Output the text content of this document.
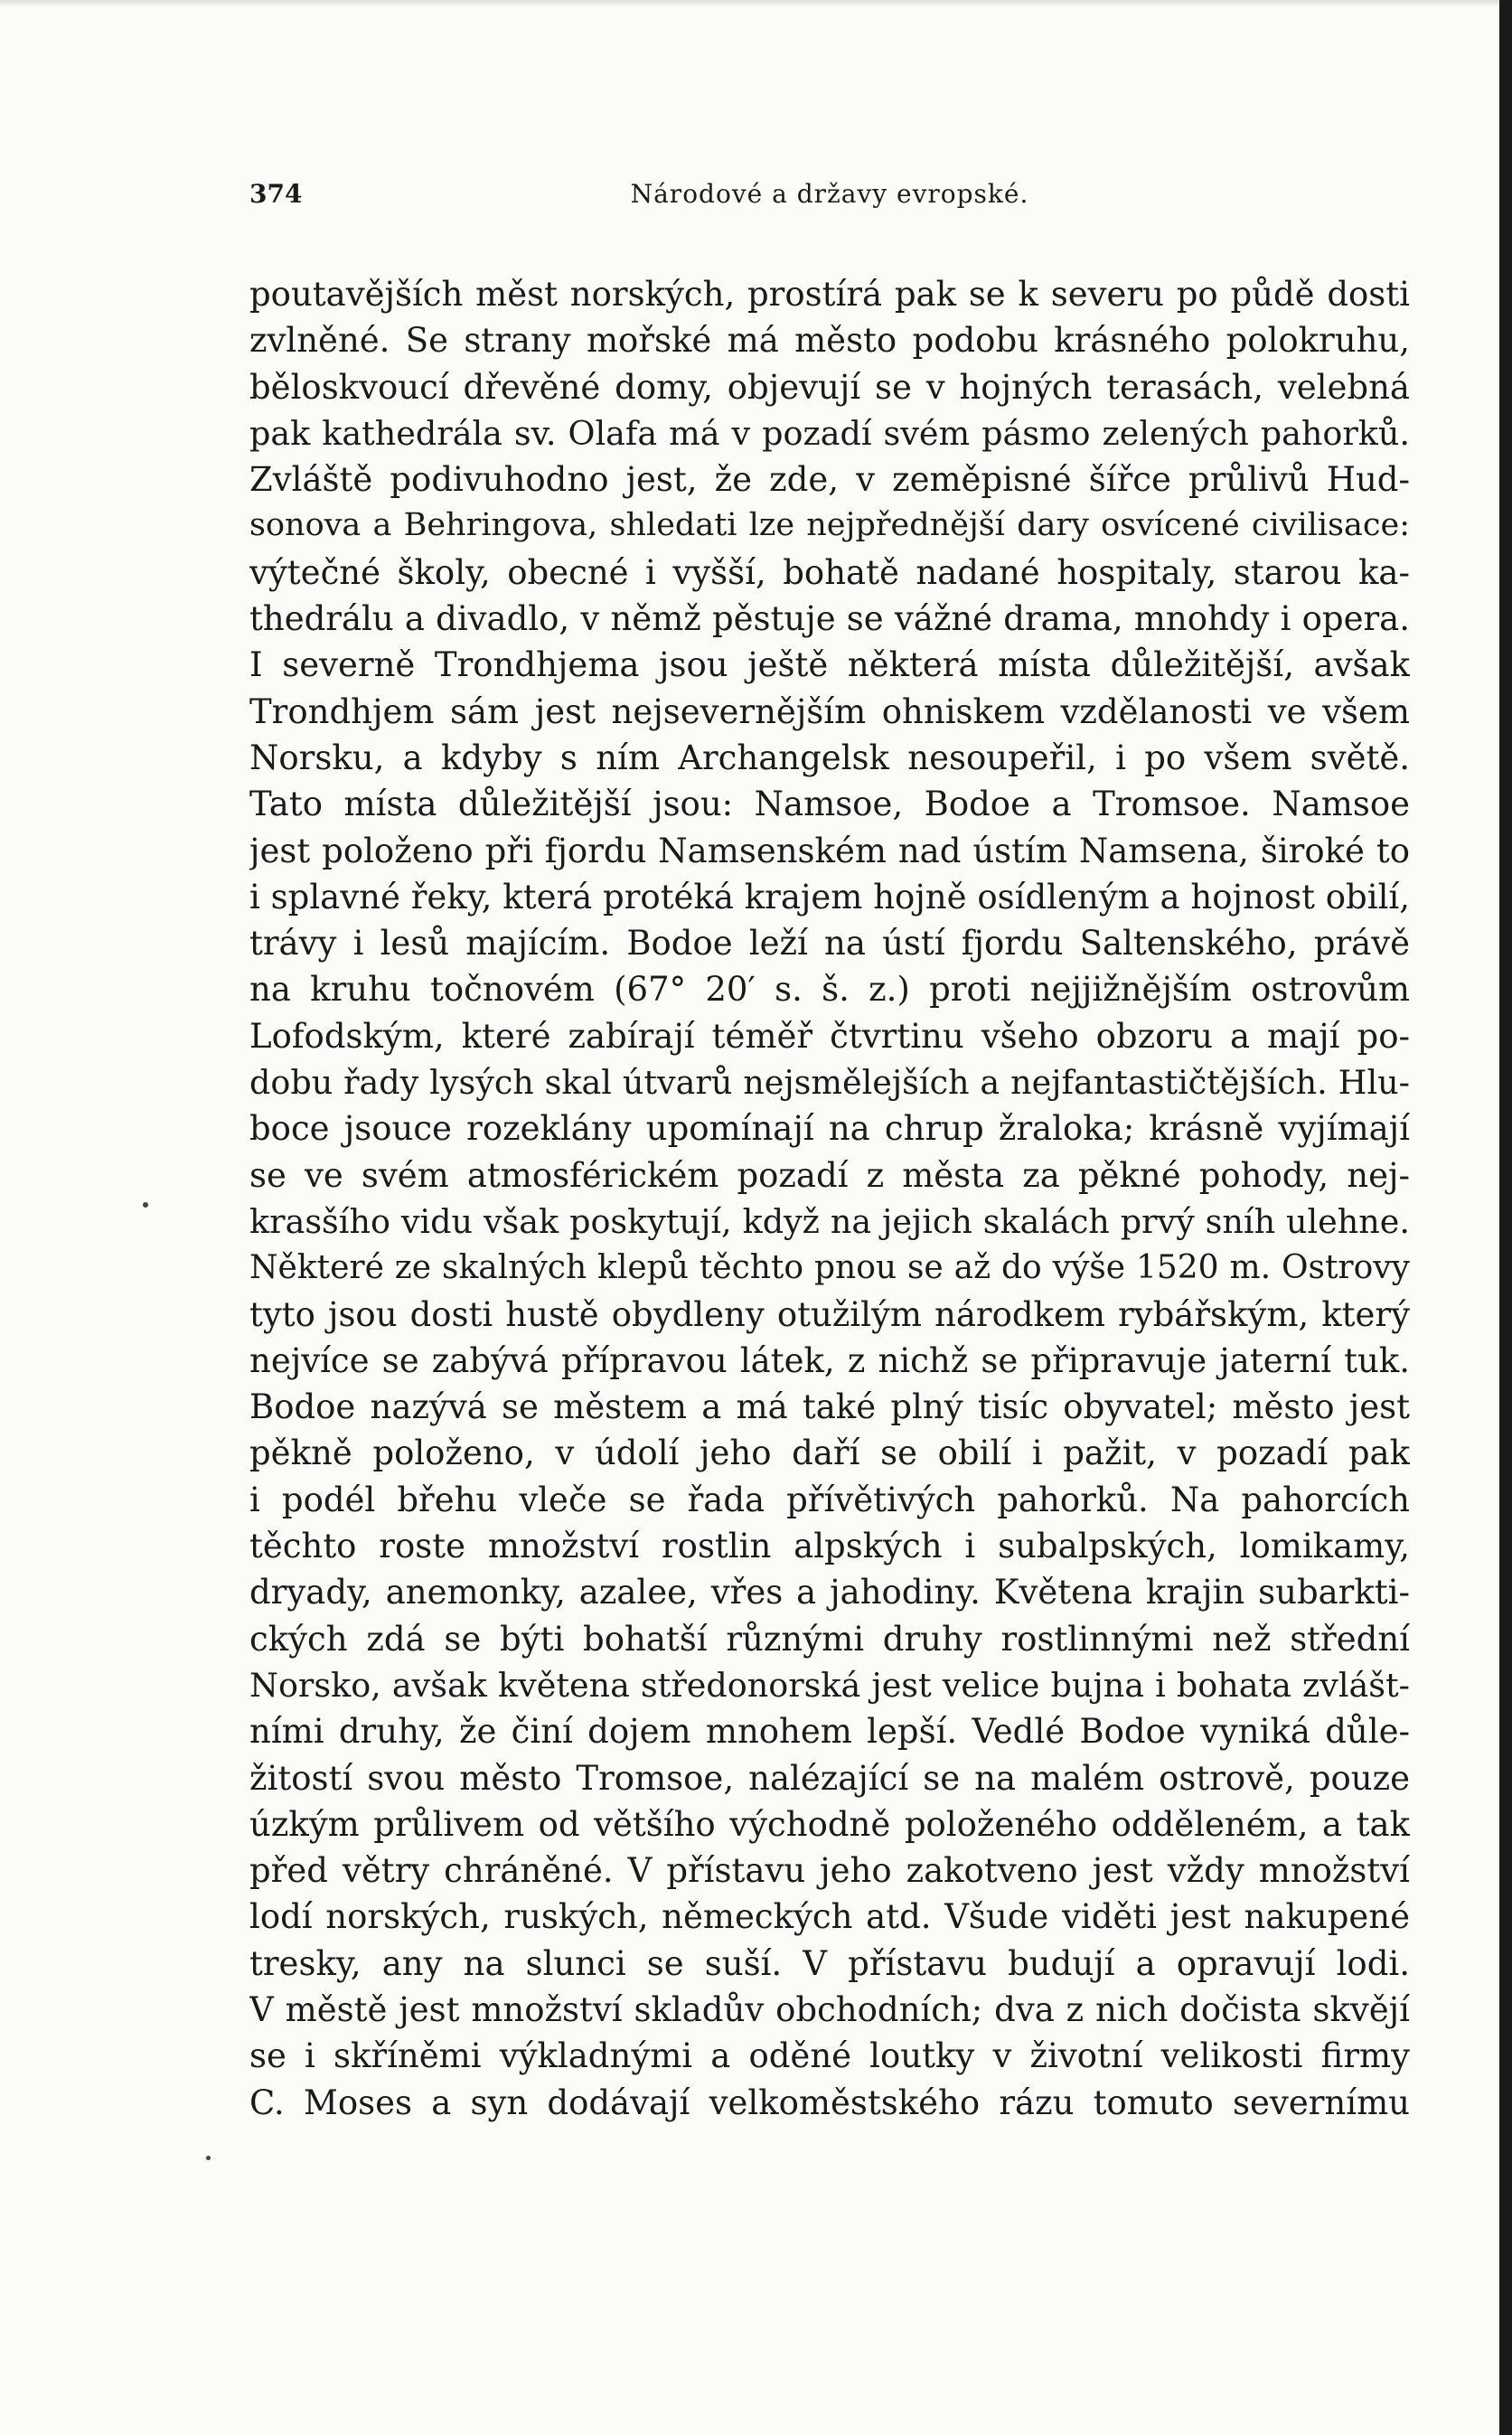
374	Národové a državy evropské.
poutavějších měst norských, prostírá pak se k severu po půdě dosti
zvlněné. Se strany mořské má město podobu krásného polokruhu,
běloskvoucí dřevěné domy, objevují se v hojných terasách, velebná
pak kathedrála sv. Olafa má v pozadí svém pásmo zelených pahorků.
Zvláště podivuhodno jest, že zde, v zeměpisné šířce průlivů Hud-
sonova a Behringova, shledati lze nejpřednější dary osvícené civilisace:
výtečné školy, obecné i vyšší, bohatě nadané hospitaly, starou ka-
thedrálu a divadlo, v němž pěstuje se vážné drama, mnohdy i opera.
I severně Trondhjema jsou ještě některá místa důležitější, avšak
Trondhjem sám jest nejsevernějším ohniskem vzdělanosti ve všem
Norsku, a kdyby s ním Archangelsk nesoupeřil, i po všem světě.
Tato místa důležitější jsou: Namsoe, Bodoe a Tromsoe. Namsoe
jest položeno při fjordu Namsenském nad ústím Namsena, široké to
i splavné řeky, která protéká krajem hojně osídleným a hojnost obilí,
trávy i lesů majícím. Bodoe leží na ústí fjordu Saltenského, právě
na kruhu točnovém (67° 20′ s. š. z.) proti nejjižnějším ostrovům
Lofodským, které zabírají téměř čtvrtinu všeho obzoru a mají po-
dobu řady lysých skal útvarů nejsmělejších a nejfantastičtějších. Hlu-
boce jsouce rozeklány upomínají na chrup žraloka; krásně vyjímají
se ve svém atmosférickém pozadí z města za pěkné pohody, nej-
krasšího vidu však poskytují, když na jejich skalách prvý sníh ulehne.
Některé ze skalných klepů těchto pnou se až do výše 1520 m. Ostrovy
tyto jsou dosti hustě obydleny otužilým národkem rybářským, který
nejvíce se zabývá přípravou látek, z nichž se připravuje jaterní tuk.
Bodoe nazývá se městem a má také plný tisíc obyvatel; město jest
pěkně položeno, v údolí jeho daří se obilí i pažit, v pozadí pak
i podél břehu vleče se řada přívětivých pahorků. Na pahorcích
těchto roste množství rostlin alpských i subalpských, lomikamy,
dryady, anemonky, azalee, vřes a jahodiny. Květena krajin subarkti-
ckých zdá se býti bohatší různými druhy rostlinnými než střední
Norsko, avšak květena středonorská jest velice bujna i bohata zvlášt-
ními druhy, že činí dojem mnohem lepší. Vedlé Bodoe vyniká důle-
žitostí svou město Tromsoe, nalézající se na malém ostrově, pouze
úzkým průlivem od většího východně položeného odděleném, a tak
před větry chráněné. V přístavu jeho zakotveno jest vždy množství
lodí norských, ruských, německých atd. Všude viděti jest nakupené
tresky, any na slunci se suší. V přístavu budují a opravují lodi.
V městě jest množství skladův obchodních; dva z nich dočista skvějí
se i skříněmi výkladnými a oděné loutky v životní velikosti firmy
C. Moses a syn dodávají velkoměstského rázu tomuto severnímu
